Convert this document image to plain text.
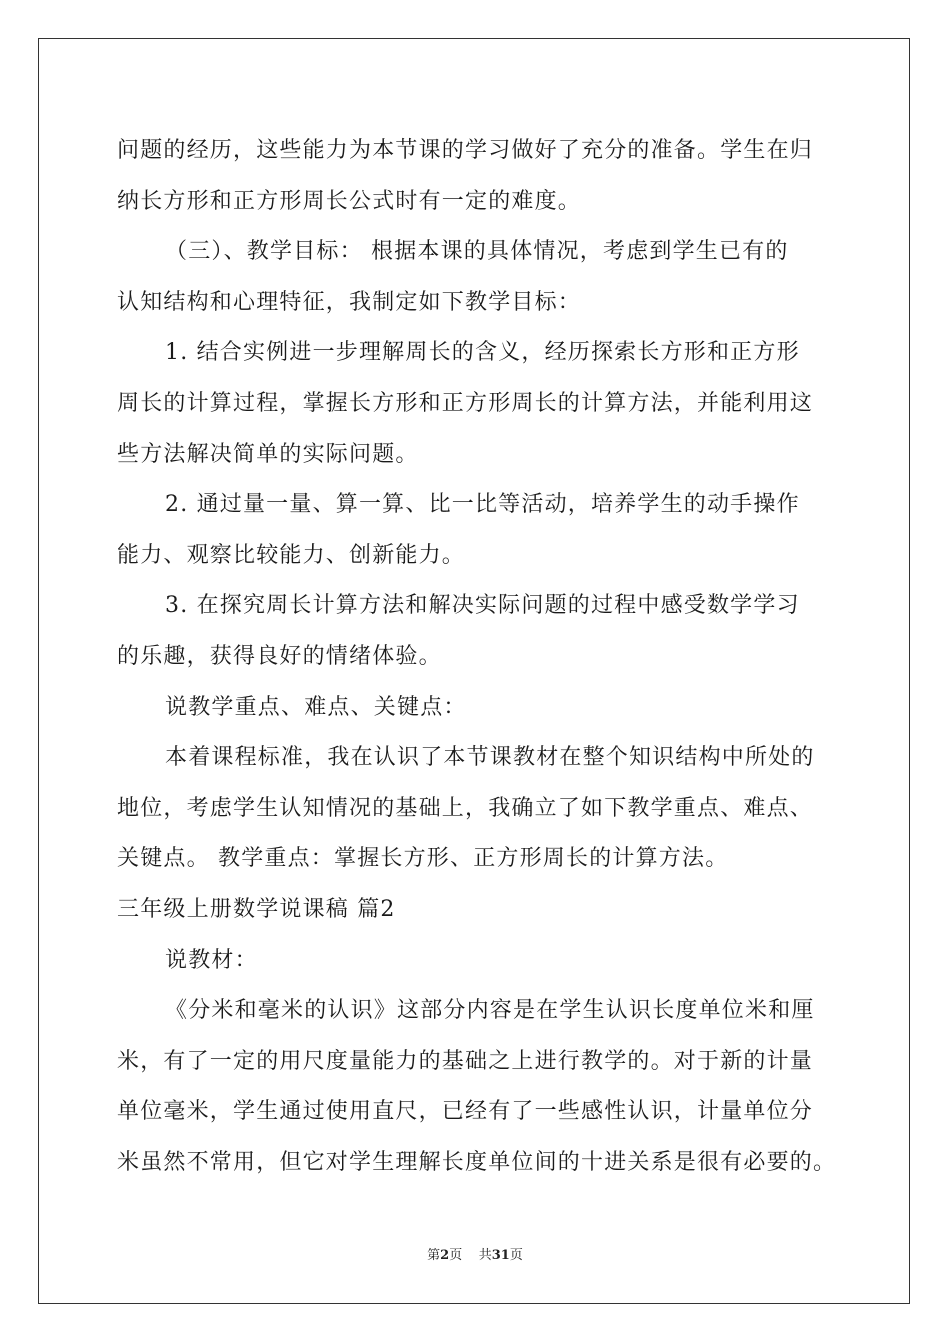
问题的经历，这些能力为本节课的学习做好了充分的准备。学生在归
纳长方形和正方形周长公式时有一定的难度。
（三）、教学目标： 根据本课的具体情况，考虑到学生已有的
认知结构和心理特征，我制定如下教学目标：
1. 结合实例进一步理解周长的含义，经历探索长方形和正方形
周长的计算过程，掌握长方形和正方形周长的计算方法，并能利用这
些方法解决简单的实际问题。
2. 通过量一量、算一算、比一比等活动，培养学生的动手操作
能力、观察比较能力、创新能力。
3. 在探究周长计算方法和解决实际问题的过程中感受数学学习
的乐趣，获得良好的情绪体验。
说教学重点、难点、关键点：
本着课程标准，我在认识了本节课教材在整个知识结构中所处的
地位，考虑学生认知情况的基础上，我确立了如下教学重点、难点、
关键点。 教学重点：掌握长方形、正方形周长的计算方法。
三年级上册数学说课稿 篇2
说教材：
《分米和毫米的认识》这部分内容是在学生认识长度单位米和厘
米，有了一定的用尺度量能力的基础之上进行教学的。对于新的计量
单位毫米，学生通过使用直尺，已经有了一些感性认识，计量单位分
米虽然不常用，但它对学生理解长度单位间的十进关系是很有必要的。
第2页 共31页
